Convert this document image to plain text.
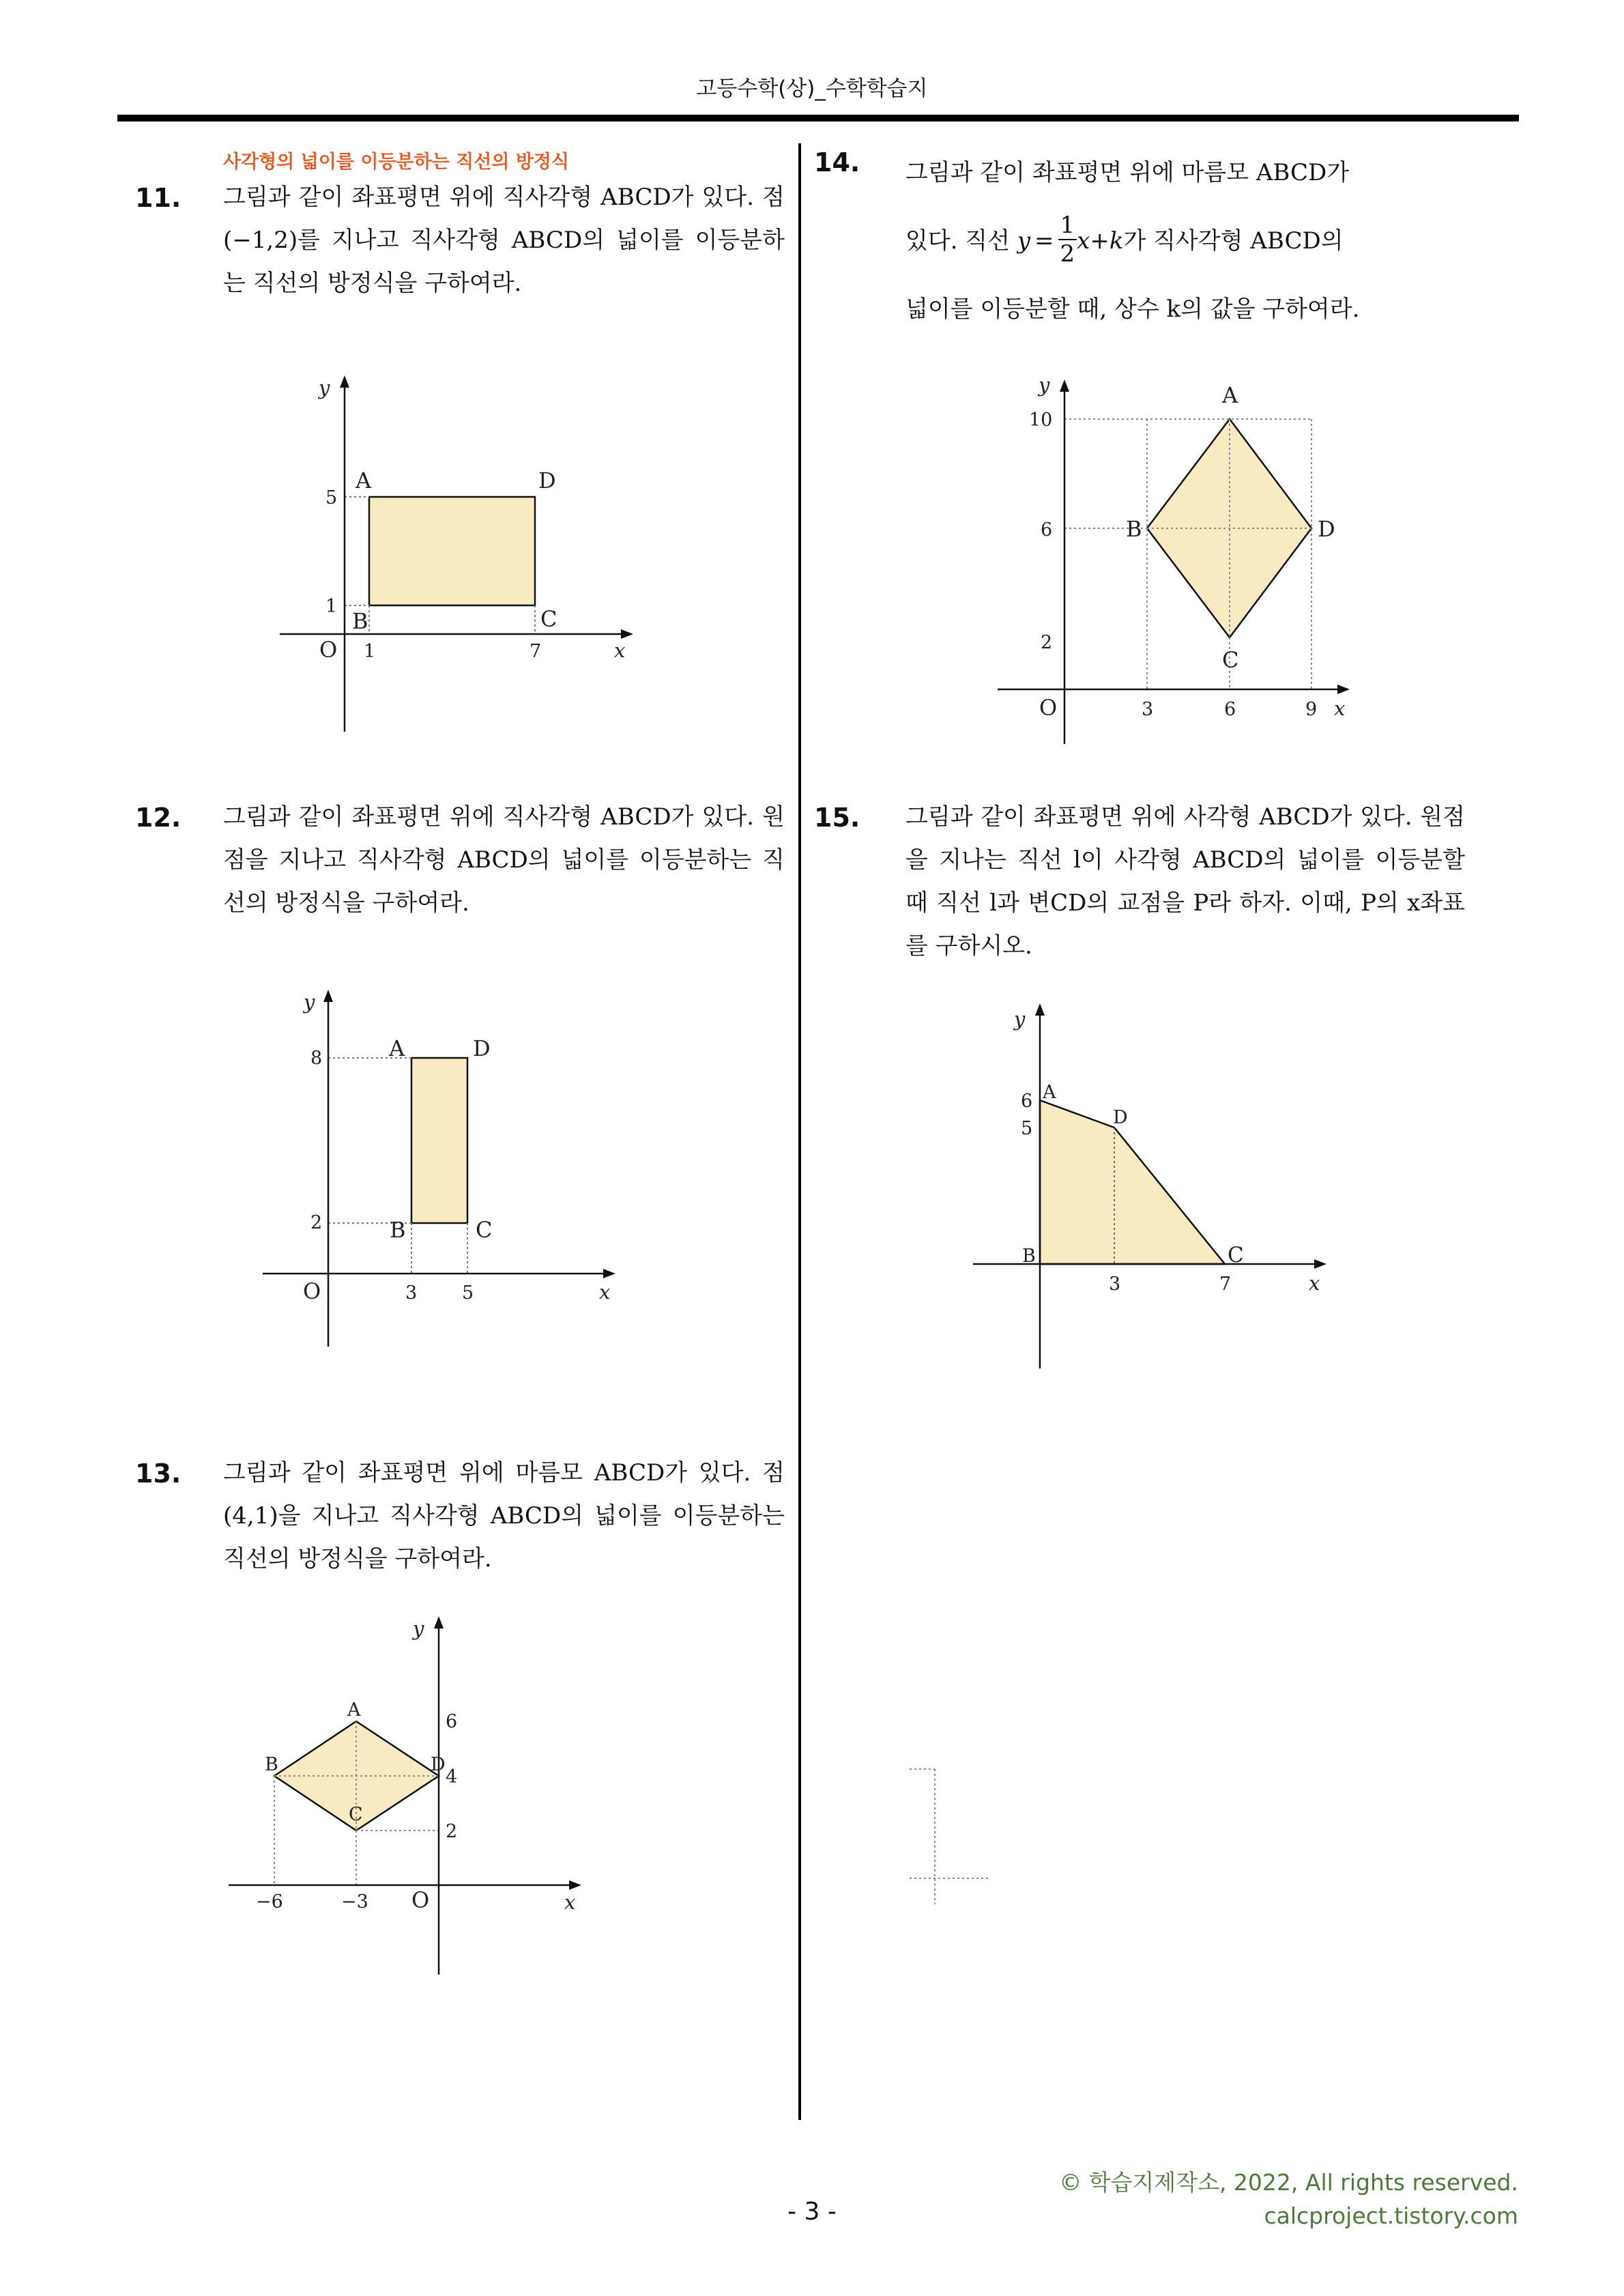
고등수학(상)_수학학습지
사각형의 넓이를 이등분하는 직선의 방정식
11. 그림과 같이 좌표평면 위에 직사각형 ABCD가 있다. 점 (−1,2)를 지나고 직사각형 ABCD의 넓이를 이등분하는 직선의 방정식을 구하여라.
A	D
B	C
O	x
y
5
1
1	7
12. 그림과 같이 좌표평면 위에 직사각형 ABCD가 있다. 원점을 지나고 직사각형 ABCD의 넓이를 이등분하는 직선의 방정식을 구하여라.
A	D
B	C
O	x
y
8
2
3 5
13. 그림과 같이 좌표평면 위에 마름모 ABCD가 있다. 점 (4,1)을 지나고 직사각형 ABCD의 넓이를 이등분하는 직선의 방정식을 구하여라.
A
B
C
D
O	x
y
6
4
2
−6	−3
14. 그림과 같이 좌표평면 위에 마름모 ABCD가

있다. 직선 $y = \frac{1}{2} x+k$가 직사각형 ABCD의

넓이를 이등분할 때, 상수 k의 값을 구하여라.

A
B
C
D
O	x
y
10
6
2
3	6	9
15. 그림과 같이 좌표평면 위에 사각형 ABCD가 있다. 원점을 지나는 직선 l이 사각형 ABCD의 넓이를 이등분할 때 직선 l과 변CD의 교점을 P라 하자. 이때, P의 x좌표를 구하시오.
A
B	C
D
x
y
6
5
3	7
© 학습지제작소, 2022, All rights reserved.
calcproject.tistory.com
- 3 -
